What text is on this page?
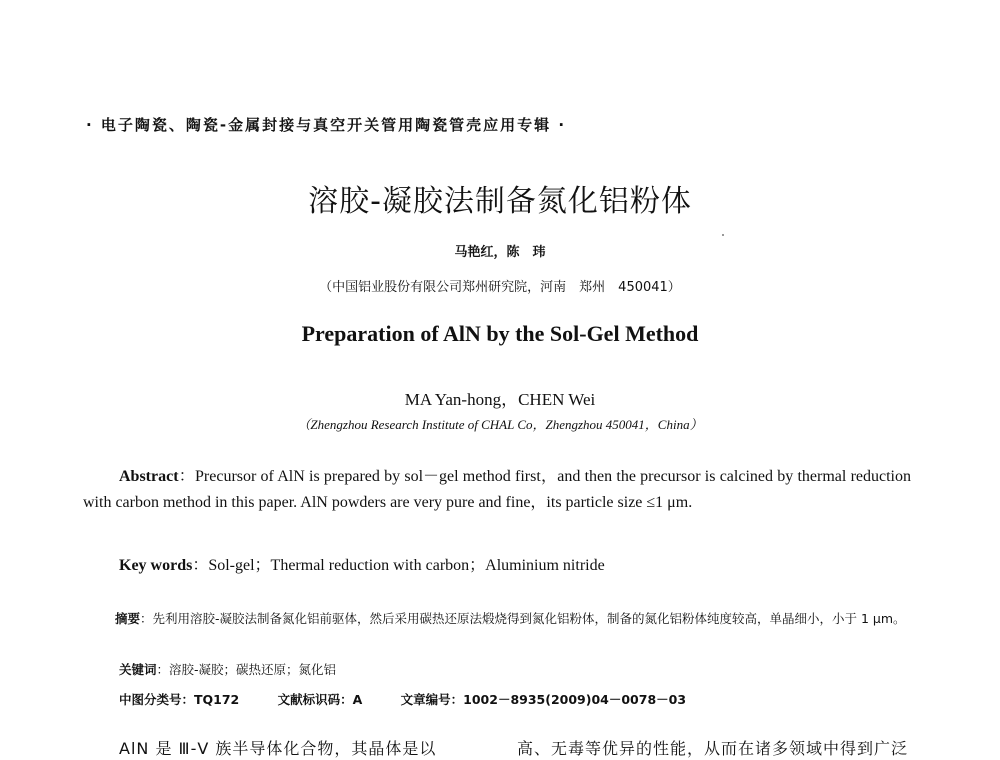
· 电子陶瓷、陶瓷-金属封接与真空开关管用陶瓷管壳应用专辑 ·
溶胶-凝胶法制备氮化铝粉体
马艳红，陈　玮
（中国铝业股份有限公司郑州研究院，河南　郑州　450041）
Preparation of AlN by the Sol-Gel Method
MA Yan-hong，CHEN Wei
（Zhengzhou Research Institute of CHAL Co，Zhengzhou 450041，China）
Abstract：Precursor of AlN is prepared by sol－gel method first，and then the precursor is calcined by thermal reduction with carbon method in this paper. AlN powders are very pure and fine，its particle size ≤1 μm.
Key words：Sol-gel；Thermal reduction with carbon；Aluminium nitride
摘要：先利用溶胶-凝胶法制备氮化铝前驱体，然后采用碳热还原法煅烧得到氮化铝粉体，制备的氮化铝粉体纯度较高，单晶细小，小于 1 μm。
关键词：溶胶-凝胶；碳热还原；氮化铝
中图分类号：TQ172	文献标识码：A	文章编号：1002－8935(2009)04－0078－03
AlN 是 Ⅲ-Ⅴ 族半导体化合物，其晶体是以	高、无毒等优异的性能，从而在诸多领域中得到广泛
